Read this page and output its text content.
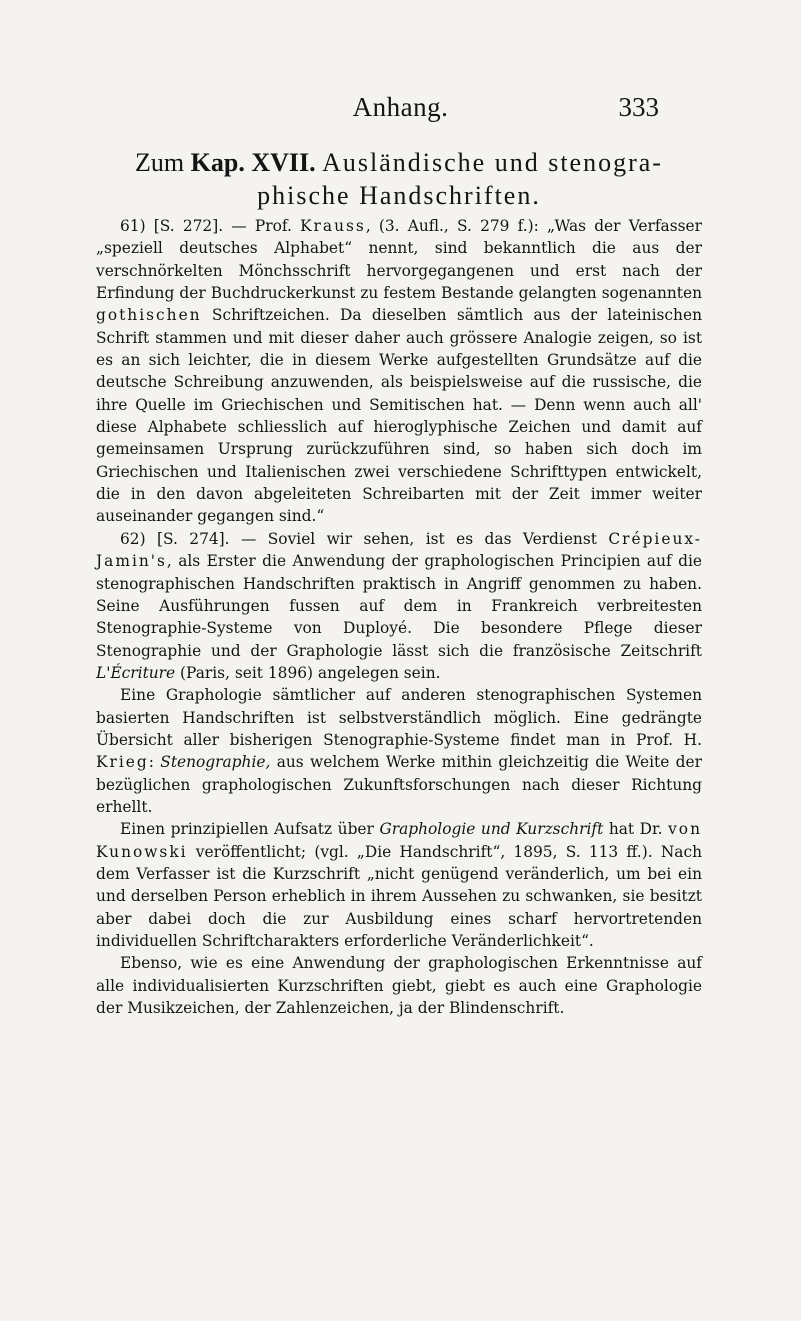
Anhang.	333
Zum Kap. XVII. Ausländische und stenogra-
phische Handschriften.

61) [S. 272]. — Prof. Krauss, (3. Aufl., S. 279 f.): „Was der Verfasser „speziell deutsches Alphabet“ nennt, sind bekanntlich die aus der verschnörkelten Mönchsschrift hervorgegangenen und erst nach der Erfindung der Buchdruckerkunst zu festem Bestande gelangten sogenannten gothischen Schriftzeichen. Da dieselben sämtlich aus der lateinischen Schrift stammen und mit dieser daher auch grössere Analogie zeigen, so ist es an sich leichter, die in diesem Werke aufgestellten Grundsätze auf die deutsche Schreibung anzuwenden, als beispielsweise auf die russische, die ihre Quelle im Griechischen und Semitischen hat. — Denn wenn auch all' diese Alphabete schliesslich auf hieroglyphische Zeichen und damit auf gemeinsamen Ursprung zurückzuführen sind, so haben sich doch im Griechischen und Italienischen zwei verschiedene Schrifttypen entwickelt, die in den davon abgeleiteten Schreibarten mit der Zeit immer weiter auseinander gegangen sind.“

62) [S. 274]. — Soviel wir sehen, ist es das Verdienst Crépieux-Jamin's, als Erster die Anwendung der graphologischen Principien auf die stenographischen Handschriften praktisch in Angriff genommen zu haben. Seine Ausführungen fussen auf dem in Frankreich verbreitesten Stenographie-Systeme von Duployé. Die besondere Pflege dieser Stenographie und der Graphologie lässt sich die französische Zeitschrift L'Écriture (Paris, seit 1896) angelegen sein.

Eine Graphologie sämtlicher auf anderen stenographischen Systemen basierten Handschriften ist selbstverständlich möglich. Eine gedrängte Übersicht aller bisherigen Stenographie-Systeme findet man in Prof. H. Krieg: Stenographie, aus welchem Werke mithin gleichzeitig die Weite der bezüglichen graphologischen Zukunftsforschungen nach dieser Richtung erhellt.

Einen prinzipiellen Aufsatz über Graphologie und Kurzschrift hat Dr. von Kunowski veröffentlicht; (vgl. „Die Handschrift“, 1895, S. 113 ff.). Nach dem Verfasser ist die Kurzschrift „nicht genügend veränderlich, um bei ein und derselben Person erheblich in ihrem Aussehen zu schwanken, sie besitzt aber dabei doch die zur Ausbildung eines scharf hervortretenden individuellen Schriftcharakters erforderliche Veränderlichkeit“.

Ebenso, wie es eine Anwendung der graphologischen Erkenntnisse auf alle individualisierten Kurzschriften giebt, giebt es auch eine Graphologie der Musikzeichen, der Zahlenzeichen, ja der Blindenschrift.
